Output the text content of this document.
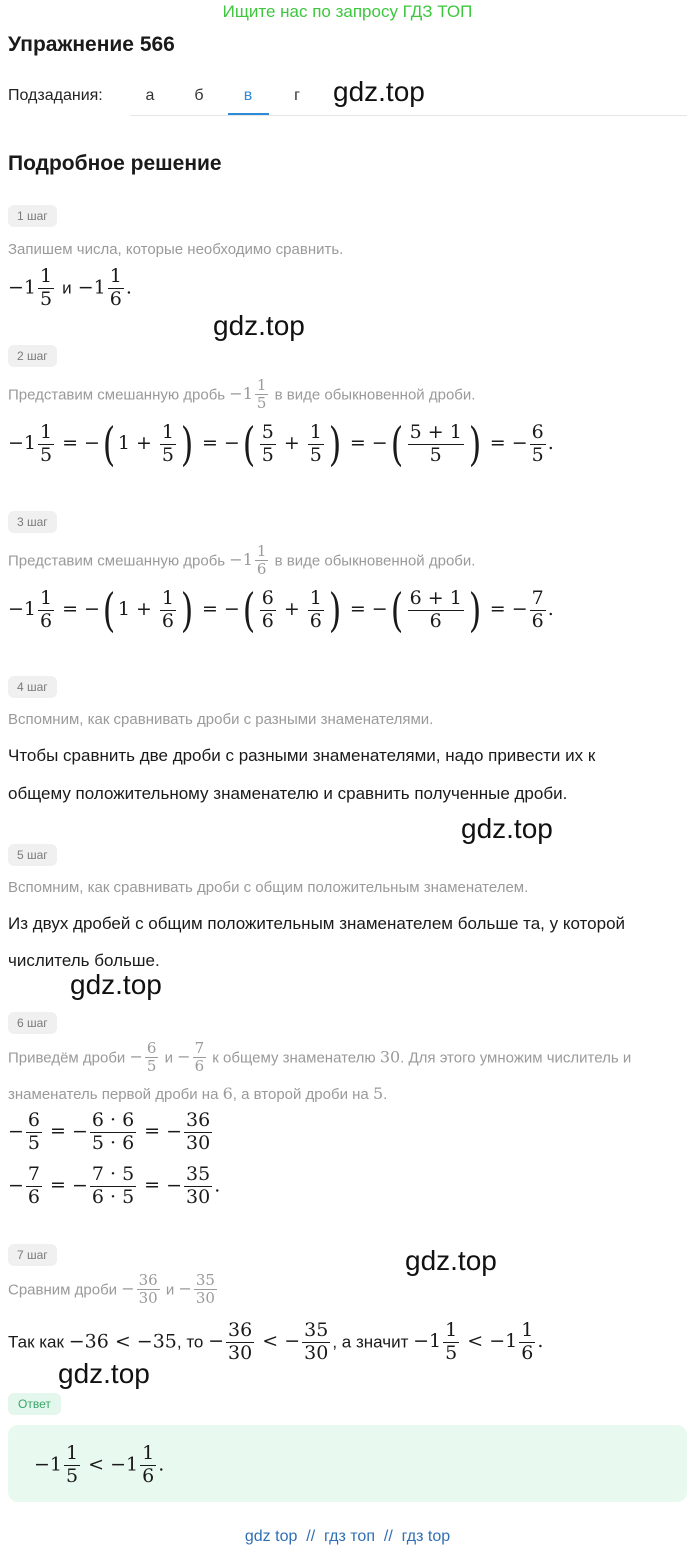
Ищите нас по запросу ГДЗ ТОП
Упражнение 566
Подзадания:	а	б	в	г	gdz.top
gdz.top
gdz.top
gdz.top
gdz.top
gdz.top
Подробное решение
1 шаг
Запишем числа, которые необходимо сравнить.
$-1 \frac{1}{5}$ $и -1 \frac{1}{6}$ .
2 шаг
Представим смешанную дробь $-1 \frac{1}{5}$ в виде обыкновенной дроби.
$-1 \frac{1}{5}$ = −( $1 + \frac{1}{5}$ ) = −( $\frac{5}{5} + \frac{1}{5}$ ) = −( $\frac{5 + 1}{5}$ ) = − $\frac{6}{5}$ .
3 шаг
Представим смешанную дробь $-1 \frac{1}{6}$ в виде обыкновенной дроби.
$-1 \frac{1}{6}$ = −( $1 + \frac{1}{6}$ ) = −( $\frac{6}{6} + \frac{1}{6}$ ) = −( $\frac{6 + 1}{6}$ ) = − $\frac{7}{6}$ .
4 шаг
Вспомним, как сравнивать дроби с разными знаменателями.
Чтобы сравнить две дроби с разными знаменателями, надо привести их к
общему положительному знаменателю и сравнить полученные дроби.
5 шаг
Вспомним, как сравнивать дроби с общим положительным знаменателем.
Из двух дробей с общим положительным знаменателем больше та, у которой
числитель больше.
6 шаг
Приведём дроби − $\frac{6}{5}$ $и - \frac{7}{6}$ к общему знаменателю 30. Для этого умножим числитель и
знаменатель первой дроби на 6, а второй дроби на 5.
− $\frac{6}{5}$ = − $\frac{6 \cdot 6}{5 \cdot 6}$ = − $\frac{36}{30}$
− $\frac{7}{6}$ = − $\frac{7 \cdot 5}{6 \cdot 5}$ = − $\frac{35}{30}$ .
7 шаг
Сравним дроби − $\frac{36}{30}$ $и - \frac{35}{30}$
Так как −36 < −35, то − $\frac{36}{30}$ < − $\frac{35}{30}$ , а значит $-1 \frac{1}{5} < -1 \frac{1}{6}$ .
Ответ
$-1 \frac{1}{5} < -1 \frac{1}{6}$ .
gdz top  //  гдз топ  //  гдз top
